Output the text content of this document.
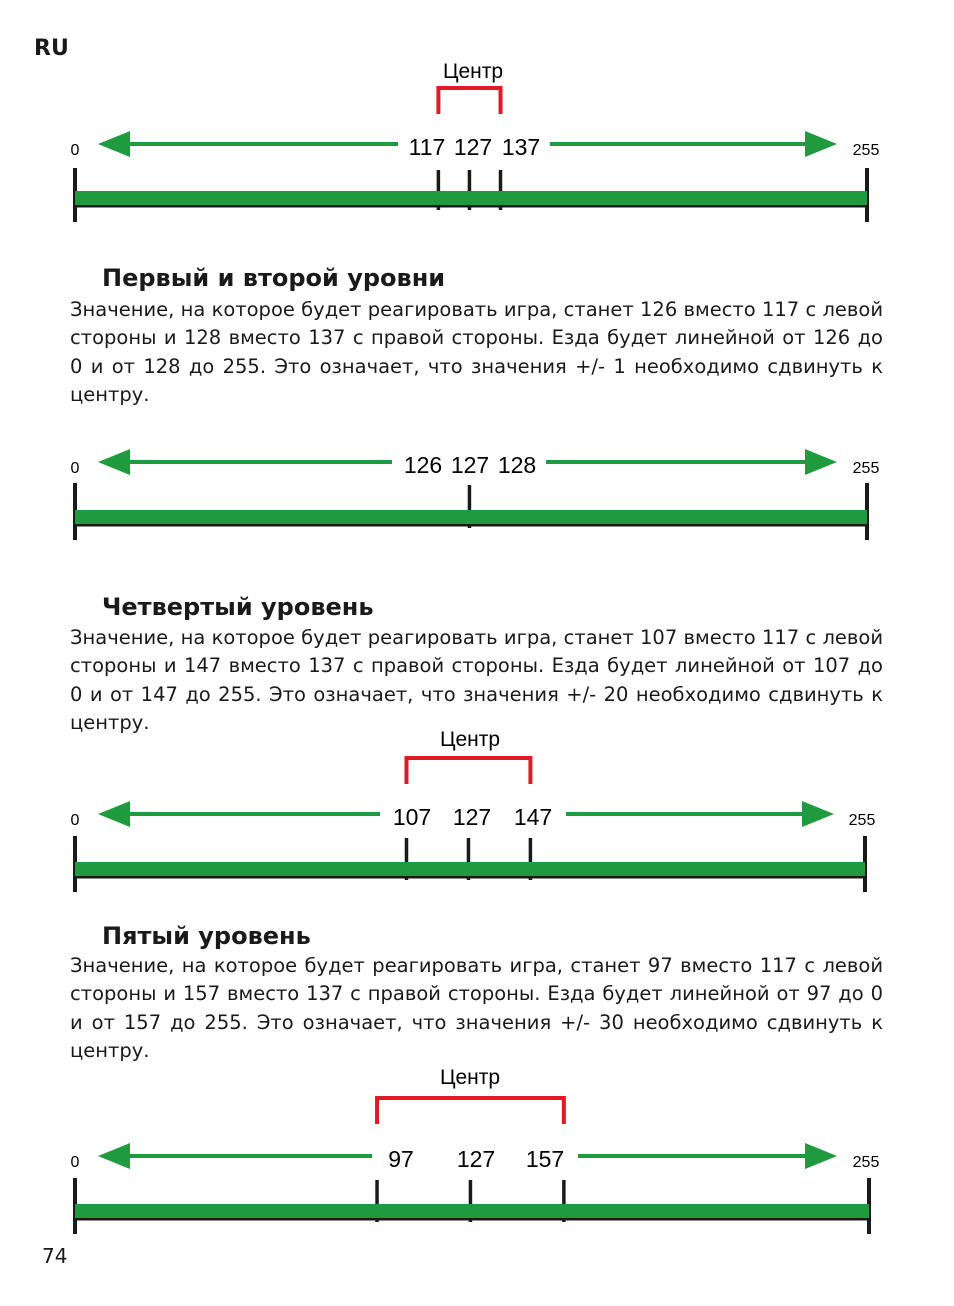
RU
Центр
0	255
117 127 137
Первый и второй уровни
Значение, на которое будет реагировать игра, станет 126 вместо 117 с левой стороны и 128 вместо 137 с правой стороны. Езда будет линейной от 126 до 0 и от 128 до 255. Это означает, что значения +/- 1 необходимо сдвинуть к центру.
0	255
126 127 128
Четвертый уровень
Значение, на которое будет реагировать игра, станет 107 вместо 117 с левой стороны и 147 вместо 137 с правой стороны. Езда будет линейной от 107 до 0 и от 147 до 255. Это означает, что значения +/- 20 необходимо сдвинуть к центру.
Центр
0	255
107 127 147
Пятый уровень
Значение, на которое будет реагировать игра, станет 97 вместо 117 с левой стороны и 157 вместо 137 с правой стороны. Езда будет линейной от 97 до 0 и от 157 до 255. Это означает, что значения +/- 30 необходимо сдвинуть к центру.
Центр
0	255
97 127 157
74
